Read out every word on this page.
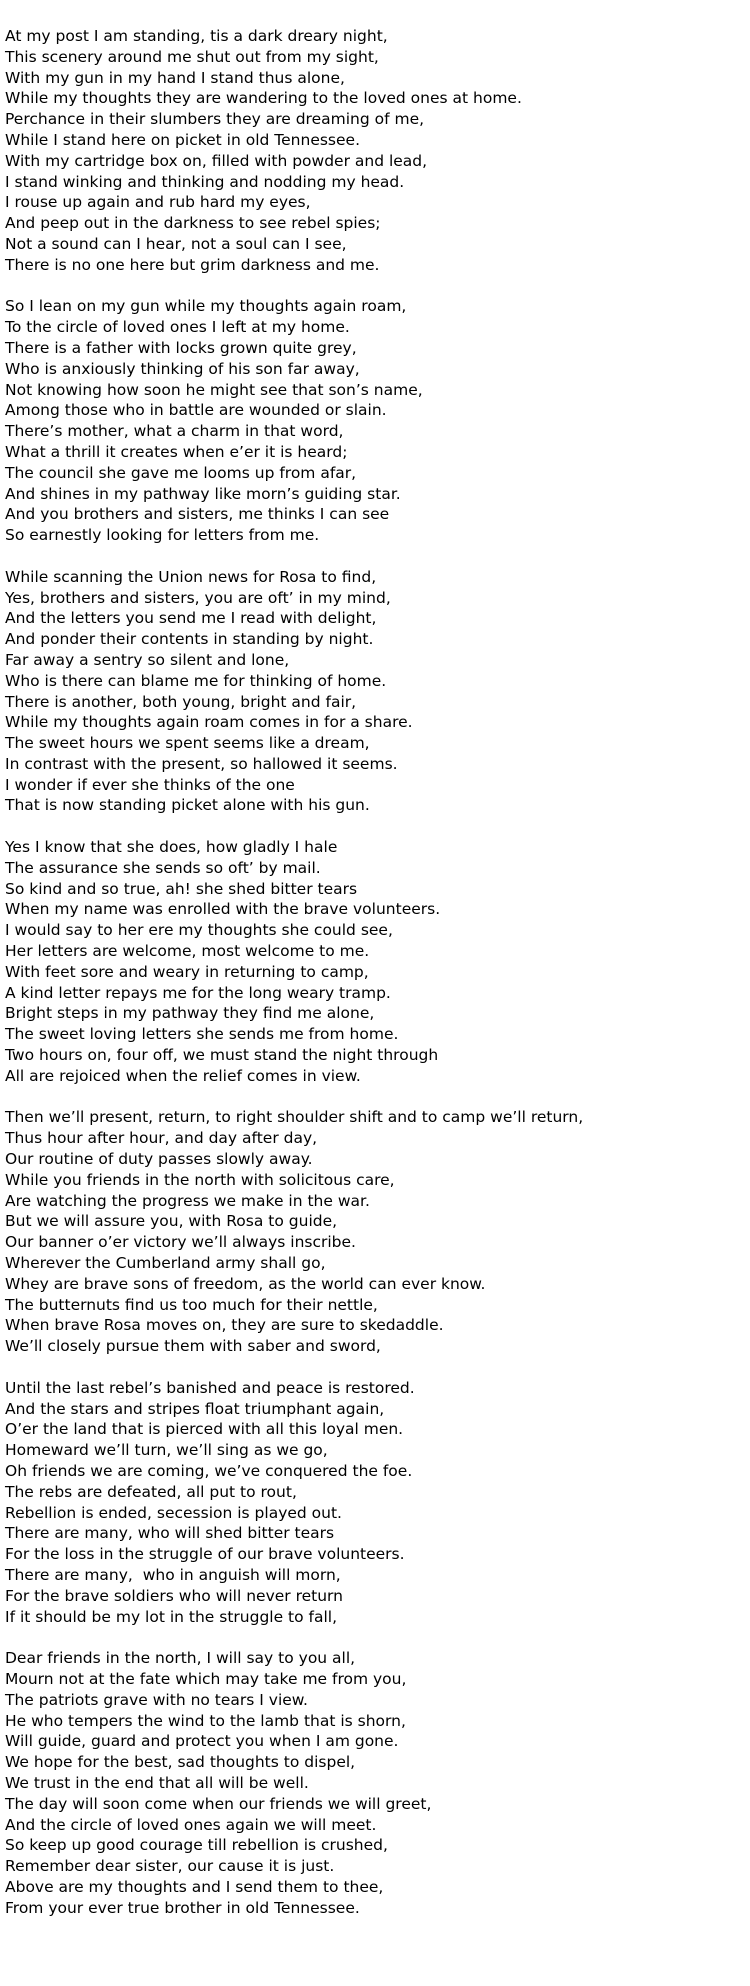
At my post I am standing, tis a dark dreary night,
This scenery around me shut out from my sight,
With my gun in my hand I stand thus alone,
While my thoughts they are wandering to the loved ones at home.
Perchance in their slumbers they are dreaming of me,
While I stand here on picket in old Tennessee.
With my cartridge box on, filled with powder and lead,
I stand winking and thinking and nodding my head.
I rouse up again and rub hard my eyes,
And peep out in the darkness to see rebel spies;
Not a sound can I hear, not a soul can I see,
There is no one here but grim darkness and me.
So I lean on my gun while my thoughts again roam,
To the circle of loved ones I left at my home.
There is a father with locks grown quite grey,
Who is anxiously thinking of his son far away,
Not knowing how soon he might see that son’s name,
Among those who in battle are wounded or slain.
There’s mother, what a charm in that word,
What a thrill it creates when e’er it is heard;
The council she gave me looms up from afar,
And shines in my pathway like morn’s guiding star.
And you brothers and sisters, me thinks I can see
So earnestly looking for letters from me.
While scanning the Union news for Rosa to find,
Yes, brothers and sisters, you are oft’ in my mind,
And the letters you send me I read with delight,
And ponder their contents in standing by night.
Far away a sentry so silent and lone,
Who is there can blame me for thinking of home.
There is another, both young, bright and fair,
While my thoughts again roam comes in for a share.
The sweet hours we spent seems like a dream,
In contrast with the present, so hallowed it seems.
I wonder if ever she thinks of the one
That is now standing picket alone with his gun.
Yes I know that she does, how gladly I hale
The assurance she sends so oft’ by mail.
So kind and so true, ah! she shed bitter tears
When my name was enrolled with the brave volunteers.
I would say to her ere my thoughts she could see,
Her letters are welcome, most welcome to me.
With feet sore and weary in returning to camp,
A kind letter repays me for the long weary tramp.
Bright steps in my pathway they find me alone,
The sweet loving letters she sends me from home.
Two hours on, four off, we must stand the night through
All are rejoiced when the relief comes in view.
Then we’ll present, return, to right shoulder shift and to camp we’ll return,
Thus hour after hour, and day after day,
Our routine of duty passes slowly away.
While you friends in the north with solicitous care,
Are watching the progress we make in the war.
But we will assure you, with Rosa to guide,
Our banner o’er victory we’ll always inscribe.
Wherever the Cumberland army shall go,
Whey are brave sons of freedom, as the world can ever know.
The butternuts find us too much for their nettle,
When brave Rosa moves on, they are sure to skedaddle.
We’ll closely pursue them with saber and sword,
Until the last rebel’s banished and peace is restored.
And the stars and stripes float triumphant again,
O’er the land that is pierced with all this loyal men.
Homeward we’ll turn, we’ll sing as we go,
Oh friends we are coming, we’ve conquered the foe.
The rebs are defeated, all put to rout,
Rebellion is ended, secession is played out.
There are many, who will shed bitter tears
For the loss in the struggle of our brave volunteers.
There are many,  who in anguish will morn,
For the brave soldiers who will never return
If it should be my lot in the struggle to fall,
Dear friends in the north, I will say to you all,
Mourn not at the fate which may take me from you,
The patriots grave with no tears I view.
He who tempers the wind to the lamb that is shorn,
Will guide, guard and protect you when I am gone.
We hope for the best, sad thoughts to dispel,
We trust in the end that all will be well.
The day will soon come when our friends we will greet,
And the circle of loved ones again we will meet.
So keep up good courage till rebellion is crushed,
Remember dear sister, our cause it is just.
Above are my thoughts and I send them to thee,
From your ever true brother in old Tennessee.
